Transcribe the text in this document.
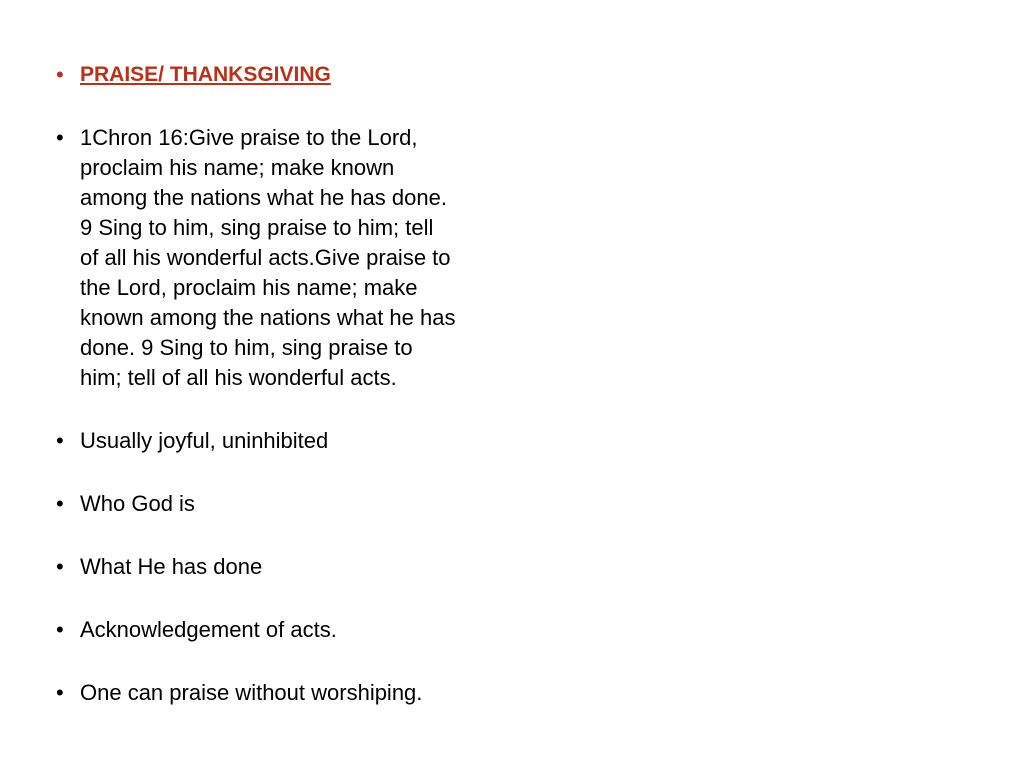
• PRAISE/ THANKSGIVING
• 1Chron 16:Give praise to the Lord,
proclaim his name; make known
among the nations what he has done.
9 Sing to him, sing praise to him; tell
of all his wonderful acts.Give praise to
the Lord, proclaim his name; make
known among the nations what he has
done. 9 Sing to him, sing praise to
him; tell of all his wonderful acts.
• Usually joyful, uninhibited
• Who God is
• What He has done
• Acknowledgement of acts.
• One can praise without worshiping.
